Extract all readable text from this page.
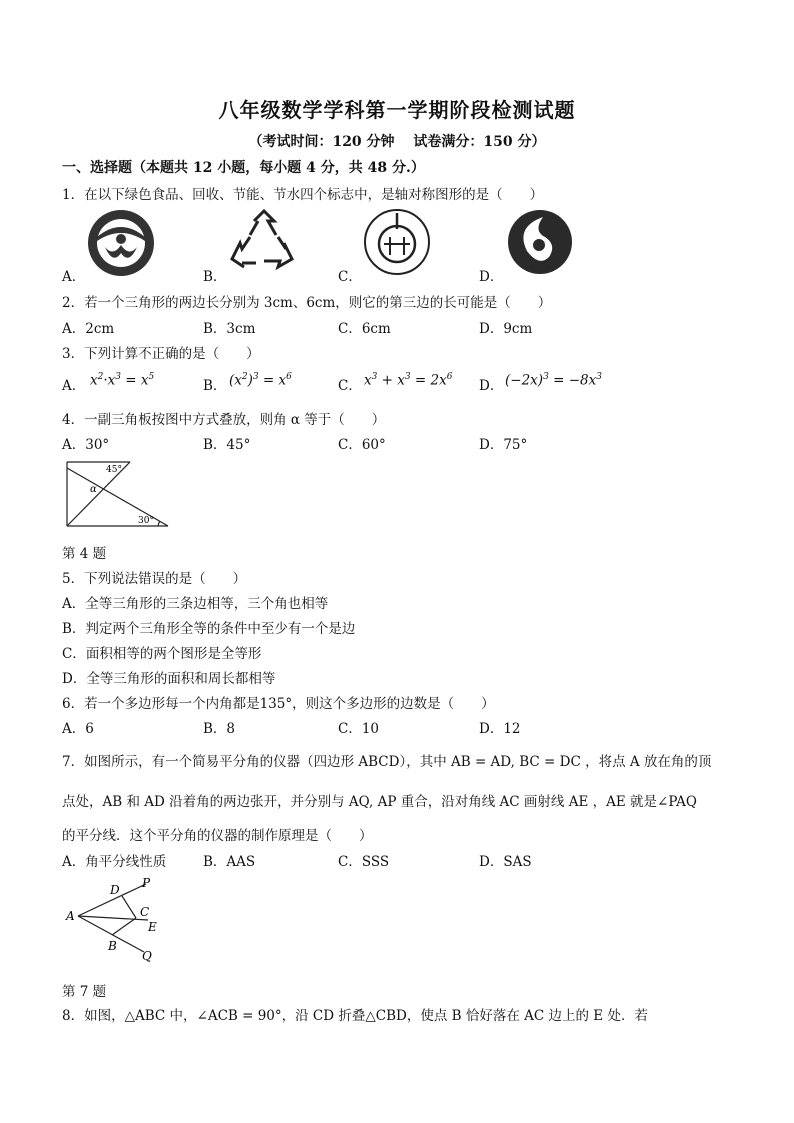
八年级数学学科第一学期阶段检测试题
（考试时间：120 分钟　 试卷满分：150 分）
一、选择题（本题共 12 小题，每小题 4 分，共 48 分.）
1．在以下绿色食品、回收、节能、节水四个标志中，是轴对称图形的是（　　）
A．	B．	C．	D．
2．若一个三角形的两边长分别为 3cm、6cm，则它的第三边的长可能是（　　）
A．2cm	B．3cm	C．6cm	D．9cm
3．下列计算不正确的是（　　）
A． $x^2\cdot x^3 = x^5$
B． $(x^2)^3 = x^6$
C． $x^3 + x^3 = 2x^6$
D． $(-2x)^3 = -8x^3$
4．一副三角板按图中方式叠放，则角 α 等于（　　）
A．30°	B．45°	C．60°	D．75°
45°
α
30°
第 4 题
5．下列说法错误的是（　　）
A．全等三角形的三条边相等，三个角也相等
B．判定两个三角形全等的条件中至少有一个是边
C．面积相等的两个图形是全等形
D．全等三角形的面积和周长都相等
6．若一个多边形每一个内角都是135°，则这个多边形的边数是（　　）
A．6	B．8	C．10	D．12
7．如图所示，有一个简易平分角的仪器（四边形 ABCD），其中 AB = AD, BC = DC ，将点 A 放在角的顶
点处，AB 和 AD 沿着角的两边张开，并分别与 AQ, AP 重合，沿对角线 AC 画射线 AE ，AE 就是∠PAQ
的平分线．这个平分角的仪器的制作原理是（　　）
A．角平分线性质	B．AAS	C．SSS	D．SAS
A
D P
C
E
B
Q
第 7 题
8．如图，△ABC 中，∠ACB = 90°，沿 CD 折叠△CBD，使点 B 恰好落在 AC 边上的 E 处．若
